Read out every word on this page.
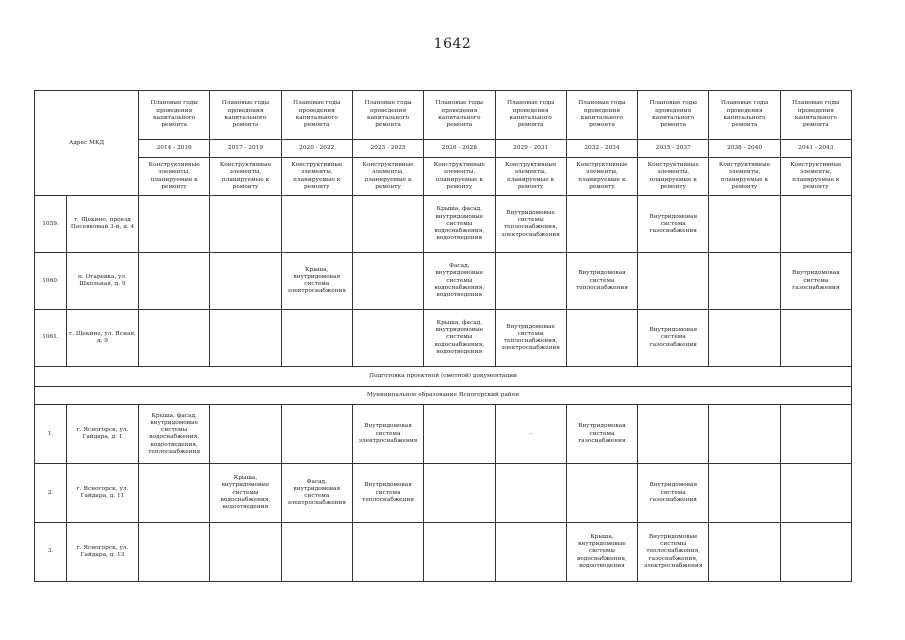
1642
Адрес МКД		Плановые годы проведения капитального ремонта	Плановые годы проведения капитального ремонта	Плановые годы проведения капитального ремонта	Плановые годы проведения капитального ремонта	Плановые годы проведения капитального ремонта	Плановые годы проведения капитального ремонта	Плановые годы проведения капитального ремонта	Плановые годы проведения капитального ремонта	Плановые годы проведения капитального ремонта	Плановые годы проведения капитального ремонта
		2014 - 2016	2017 - 2019	2020 - 2022	2023 - 2025	2026 - 2028	2029 - 2031	2032 - 2034	2035 - 2037	2038 - 2040	2041 - 2043
		Конструктивные элементы, планируемые к ремонту	Конструктивные элементы, планируемые к ремонту	Конструктивные элементы, планируемые к ремонту	Конструктивные элементы, планируемые к ремонту	Конструктивные элементы, планируемые к ремонту	Конструктивные элементы, планируемые к ремонту	Конструктивные элементы, планируемые к ремонту	Конструктивные элементы, планируемые к ремонту	Конструктивные элементы, планируемые к ремонту	Конструктивные элементы, планируемые к ремонту
1059.	г. Щекино, проезд Посевковый 3-й, д. 4					Крыша, фасад, внутридомовые системы водоснабжения, водоотведения	Внутридомовые системы теплоснабжения, электроснабжения		Внутридомовая система газоснабжения		
1060.	п. Огаревка, ул. Школьная, д. 9			Крыша, внутридомовая система электроснабжения		Фасад, внутридомовые системы водоснабжения, водоотведения		Внутридомовая система теплоснабжения			Внутридомовая система газоснабжения
1061.	г. Щекино, ул. Ясная, д. 9					Крыша, фасад, внутридомовые системы водоснабжения, водоотведения	Внутридомовые системы теплоснабжения, электроснабжения		Внутридомовая система газоснабжения		
Подготовка проектной (сметной) документации											
Муниципальное образование Ясногорский район											
1.	г. Ясногорск, ул. Гайдара, д. 1	Крыша, фасад, внутридомовые системы водоснабжения, водоотведения, теплоснабжения			Внутридомовая система электроснабжения		-	Внутридомовая система газоснабжения			
2.	г. Ясногорск, ул. Гайдара, д. 11		Крыша, внутридомовые системы водоснабжения, водоотведения	Фасад, внутридомовая система электроснабжения	Внутридомовая система теплоснабжения				Внутридомовая система газоснабжения		
3.	г. Ясногорск, ул. Гайдара, д. 13							Крыша, внутридомовые системы водоснабжения, водоотведения	Внутридомовые системы теплоснабжения, газоснабжения, электроснабжения		
